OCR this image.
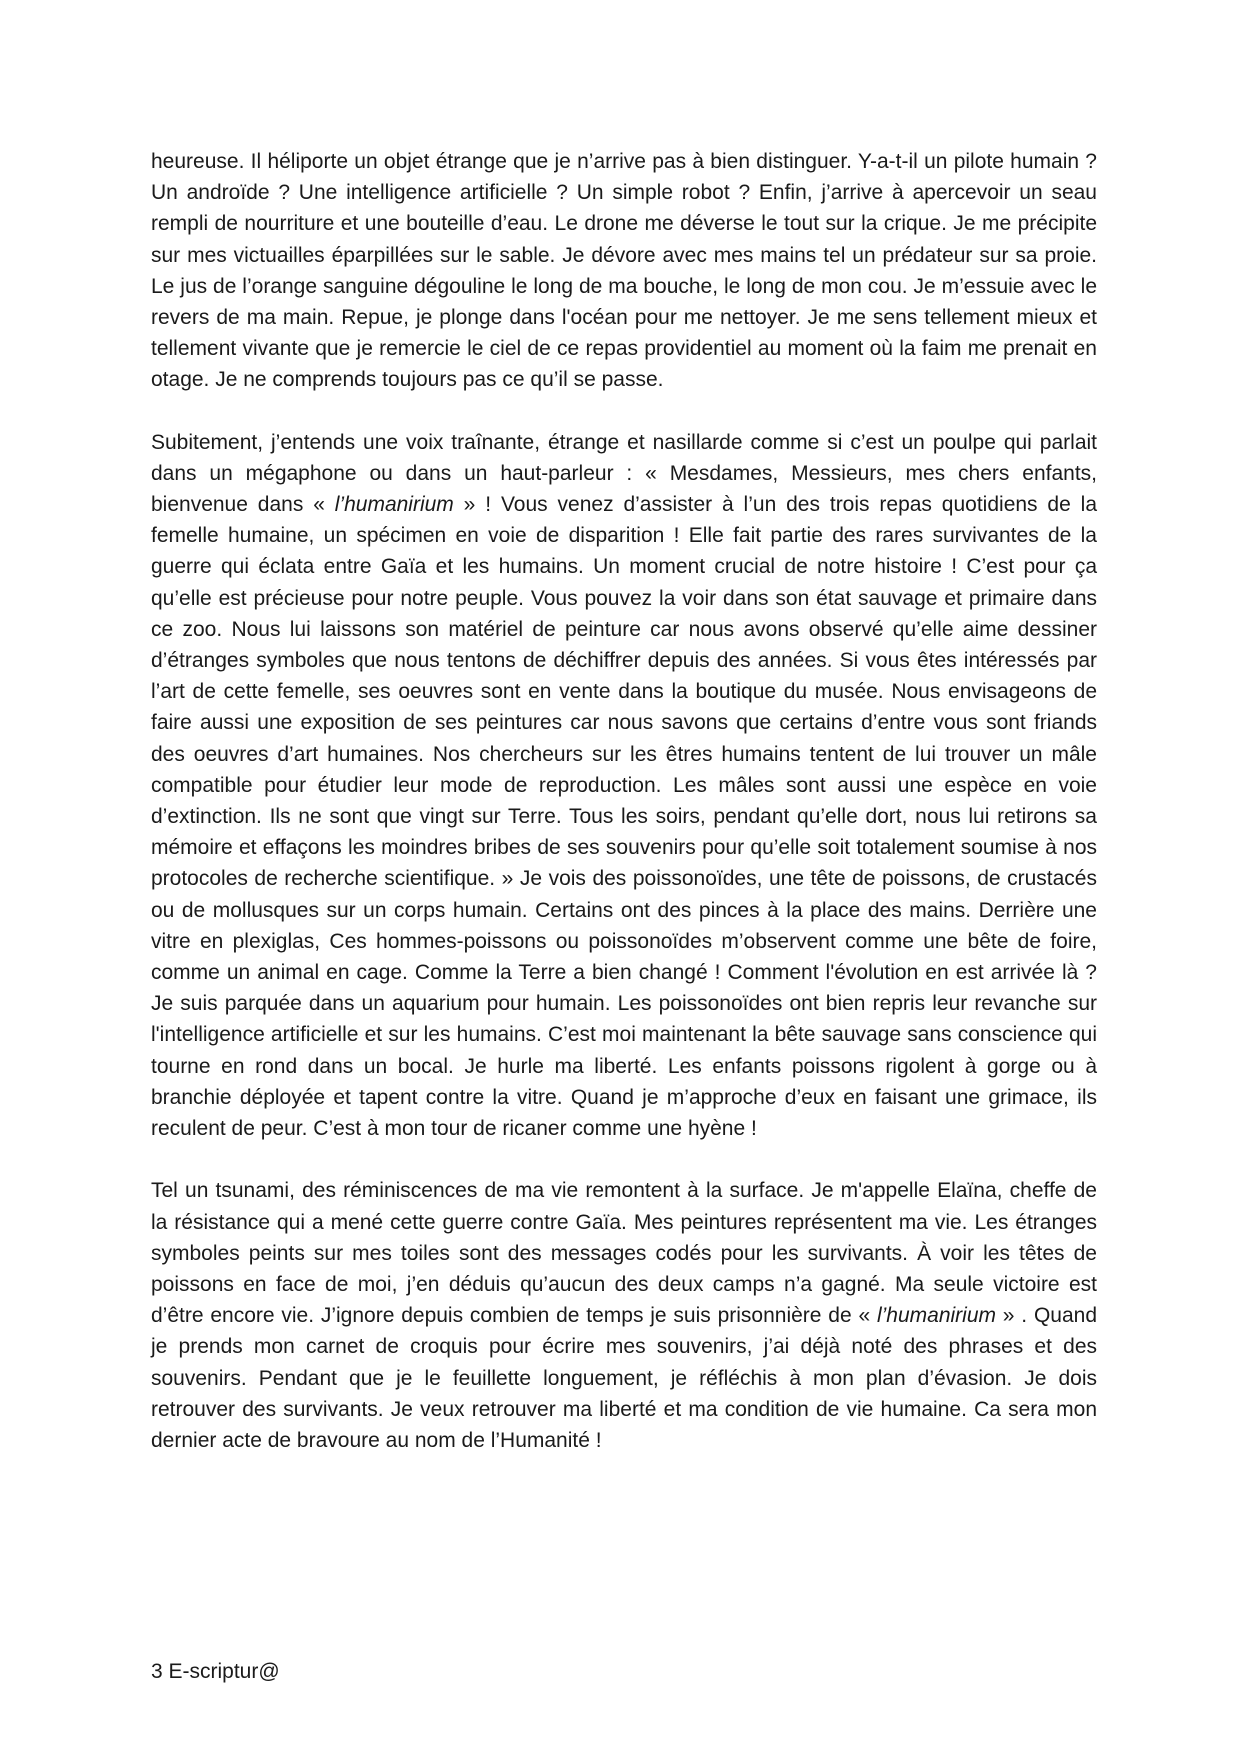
heureuse. Il héliporte un objet étrange que je n’arrive pas à bien distinguer. Y-a-t-il un pilote humain ? Un androïde ? Une intelligence artificielle ? Un simple robot ? Enfin, j’arrive à apercevoir un seau rempli de nourriture et une bouteille d’eau. Le drone me déverse le tout sur la crique. Je me précipite sur mes victuailles éparpillées sur le sable. Je dévore avec mes mains tel un prédateur sur sa proie. Le jus de l’orange sanguine dégouline le long de ma bouche, le long de mon cou. Je m’essuie avec le revers de ma main. Repue, je plonge dans l'océan pour me nettoyer. Je me sens tellement mieux et tellement vivante que je remercie le ciel de ce repas providentiel au moment où la faim me prenait en otage. Je ne comprends toujours pas ce qu’il se passe.

Subitement, j’entends une voix traînante, étrange et nasillarde comme si c’est un poulpe qui parlait dans un mégaphone ou dans un haut-parleur : « Mesdames, Messieurs, mes chers enfants, bienvenue dans « l’humanirium » ! Vous venez d’assister à l’un des trois repas quotidiens de la femelle humaine, un spécimen en voie de disparition ! Elle fait partie des rares survivantes de la guerre qui éclata entre Gaïa et les humains. Un moment crucial de notre histoire ! C’est pour ça qu’elle est précieuse pour notre peuple. Vous pouvez la voir dans son état sauvage et primaire dans ce zoo. Nous lui laissons son matériel de peinture car nous avons observé qu’elle aime dessiner d’étranges symboles que nous tentons de déchiffrer depuis des années. Si vous êtes intéressés par l’art de cette femelle, ses oeuvres sont en vente dans la boutique du musée. Nous envisageons de faire aussi une exposition de ses peintures car nous savons que certains d’entre vous sont friands des oeuvres d’art humaines. Nos chercheurs sur les êtres humains tentent de lui trouver un mâle compatible pour étudier leur mode de reproduction. Les mâles sont aussi une espèce en voie d’extinction. Ils ne sont que vingt sur Terre. Tous les soirs, pendant qu’elle dort, nous lui retirons sa mémoire et effaçons les moindres bribes de ses souvenirs pour qu’elle soit totalement soumise à nos protocoles de recherche scientifique. » Je vois des poissonoïdes, une tête de poissons, de crustacés ou de mollusques sur un corps humain. Certains ont des pinces à la place des mains. Derrière une vitre en plexiglas, Ces hommes-poissons ou poissonoïdes m’observent comme une bête de foire, comme un animal en cage. Comme la Terre a bien changé ! Comment l'évolution en est arrivée là ? Je suis parquée dans un aquarium pour humain. Les poissonoïdes ont bien repris leur revanche sur l'intelligence artificielle et sur les humains. C’est moi maintenant la bête sauvage sans conscience qui tourne en rond dans un bocal. Je hurle ma liberté. Les enfants poissons rigolent à gorge ou à branchie déployée et tapent contre la vitre. Quand je m’approche d’eux en faisant une grimace, ils reculent de peur. C’est à mon tour de ricaner comme une hyène !

Tel un tsunami, des réminiscences de ma vie remontent à la surface. Je m'appelle Elaïna, cheffe de la résistance qui a mené cette guerre contre Gaïa. Mes peintures représentent ma vie. Les étranges symboles peints sur mes toiles sont des messages codés pour les survivants. À voir les têtes de poissons en face de moi, j’en déduis qu’aucun des deux camps n’a gagné. Ma seule victoire est d’être encore vie. J’ignore depuis combien de temps je suis prisonnière de « l’humanirium » . Quand je prends mon carnet de croquis pour écrire mes souvenirs, j’ai déjà noté des phrases et des souvenirs. Pendant que je le feuillette longuement, je réfléchis à mon plan d’évasion. Je dois retrouver des survivants. Je veux retrouver ma liberté et ma condition de vie humaine. Ca sera mon dernier acte de bravoure au nom de l’Humanité !

3 E-scriptur@
